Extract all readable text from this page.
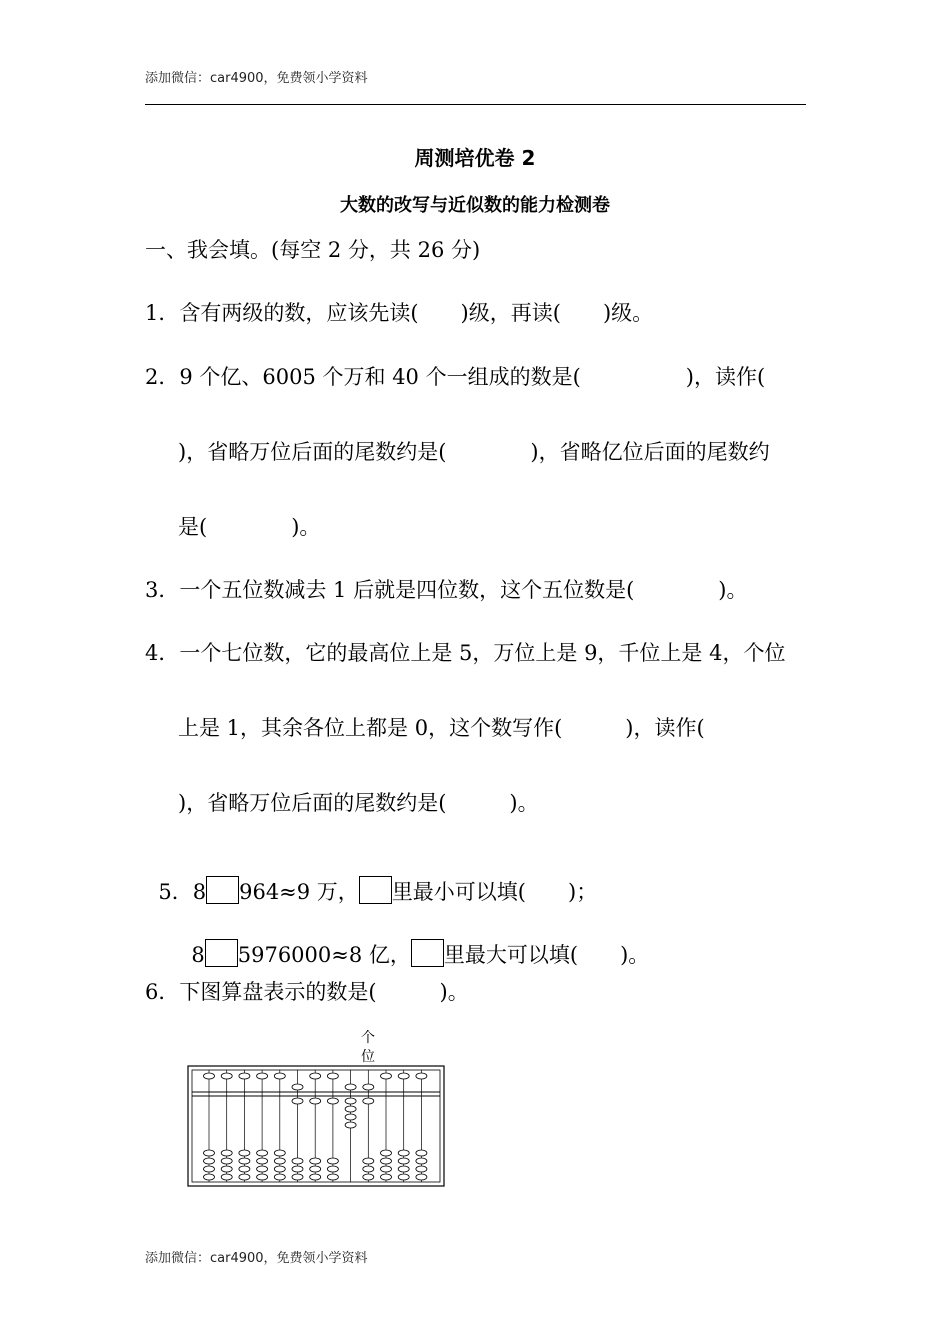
添加微信：car4900，免费领小学资料
周测培优卷 2
大数的改写与近似数的能力检测卷
一、我会填。(每空 2 分，共 26 分)
1．含有两级的数，应该先读(　　)级，再读(　　)级。
2．9 个亿、6005 个万和 40 个一组成的数是(　　　　　)，读作(
)，省略万位后面的尾数约是(　　　　)，省略亿位后面的尾数约
是(　　　　)。
3．一个五位数减去 1 后就是四位数，这个五位数是(　　　　)。
4．一个七位数，它的最高位上是 5，万位上是 9，千位上是 4，个位
上是 1，其余各位上都是 0，这个数写作(　　　)，读作(
)，省略万位后面的尾数约是(　　　)。

5．8 964≈9 万， 里最小可以填(　　)；

8 5976000≈8 亿， 里最大可以填(　　)。

6．下图算盘表示的数是(　　　)。
个
位
添加微信：car4900，免费领小学资料
